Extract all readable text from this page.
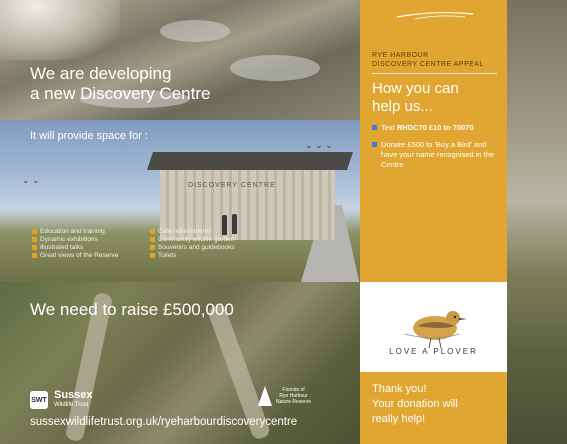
DISCOVERY CENTRE
⌄ ⌄ ⌄
⌄ ⌄
We are developing
a new Discovery Centre
It will provide space for :
Education and training	Café refreshments
Dynamic exhibitions	Community wildlife garden
Illustrated talks	Souvenirs and guidebooks
Great views of the Reserve	Toilets
We need to raise £500,000
SWT Sussex
Wildlife Trust
Friends of
Rye Harbour
Nature Reserve
sussexwildlifetrust.org.uk/ryeharbourdiscoverycentre
RYE HARBOUR
DISCOVERY CENTRE APPEAL
How you can
help us...
Text RHDC70 £10 to 70070
Donate £500 to 'Buy a Bird' and have your name recognised in the Centre
LOVE A PLOVER
Thank you!
Your donation will
really help!
